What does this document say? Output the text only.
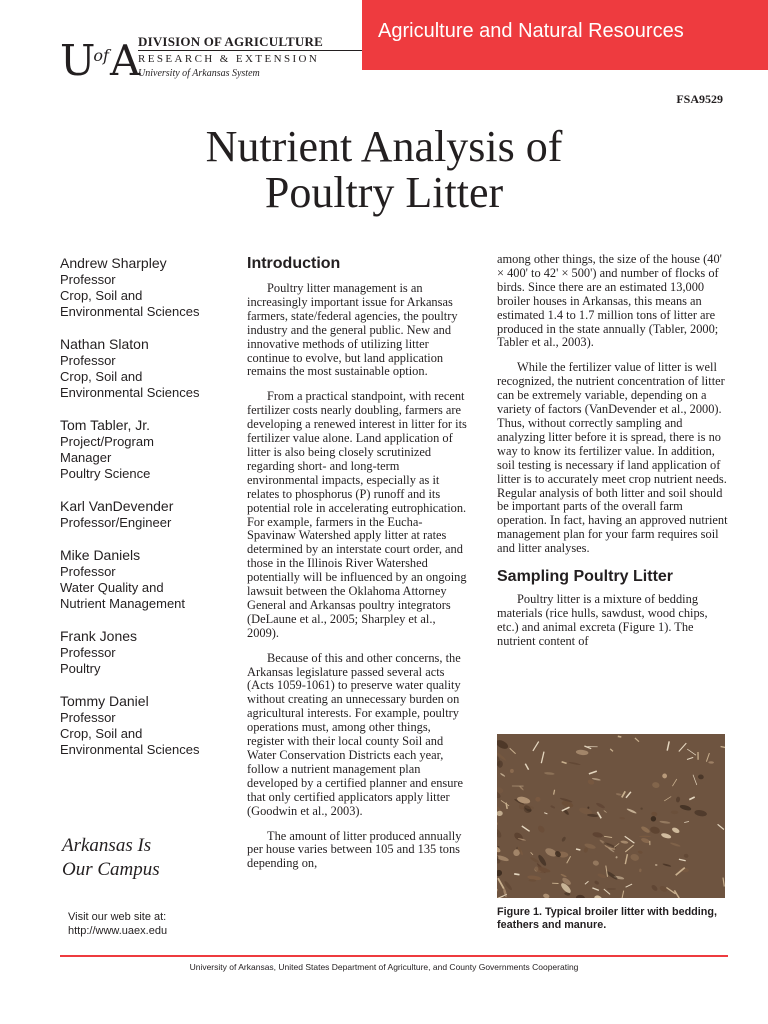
$U^{of}A$ DIVISION OF AGRICULTURE
RESEARCH & EXTENSION
University of Arkansas System
Agriculture and Natural Resources
FSA9529
Nutrient Analysis of
Poultry Litter
Andrew Sharpley
Professor
Crop, Soil and
Environmental Sciences
Nathan Slaton
Professor
Crop, Soil and
Environmental Sciences
Tom Tabler, Jr.
Project/Program
Manager
Poultry Science
Karl VanDevender
Professor/Engineer
Mike Daniels
Professor
Water Quality and
Nutrient Management
Frank Jones
Professor
Poultry
Tommy Daniel
Professor
Crop, Soil and
Environmental Sciences
Arkansas Is
Our Campus
Visit our web site at:
http://www.uaex.edu
Introduction

Poultry litter management is an increasingly important issue for Arkansas farmers, state/federal agencies, the poultry industry and the general public. New and innovative methods of utilizing litter continue to evolve, but land application remains the most sustainable option.

From a practical standpoint, with recent fertilizer costs nearly doubling, farmers are developing a renewed interest in litter for its fertilizer value alone. Land application of litter is also being closely scrutinized regarding short- and long-term environmental impacts, especially as it relates to phosphorus (P) runoff and its potential role in accelerating eutrophication. For example, farmers in the Eucha-Spavinaw Watershed apply litter at rates determined by an interstate court order, and those in the Illinois River Watershed potentially will be influenced by an ongoing lawsuit between the Oklahoma Attorney General and Arkansas poultry integrators (DeLaune et al., 2005; Sharpley et al., 2009).

Because of this and other concerns, the Arkansas legislature passed several acts (Acts 1059-1061) to preserve water quality without creating an unnecessary burden on agricultural interests. For example, poultry operations must, among other things, register with their local county Soil and Water Conservation Districts each year, follow a nutrient management plan developed by a certified planner and ensure that only certified applicators apply litter (Goodwin et al., 2003).

The amount of litter produced annually per house varies between 105 and 135 tons depending on,

among other things, the size of the house (40' × 400' to 42' × 500') and number of flocks of birds. Since there are an estimated 13,000 broiler houses in Arkansas, this means an estimated 1.4 to 1.7 million tons of litter are produced in the state annually (Tabler, 2000; Tabler et al., 2003).

While the fertilizer value of litter is well recognized, the nutrient concentration of litter can be extremely variable, depending on a variety of factors (VanDevender et al., 2000). Thus, without correctly sampling and analyzing litter before it is spread, there is no way to know its fertilizer value. In addition, soil testing is necessary if land application of litter is to accurately meet crop nutrient needs. Regular analysis of both litter and soil should be important parts of the overall farm operation. In fact, having an approved nutrient management plan for your farm requires soil and litter analyses.

Sampling Poultry Litter

Poultry litter is a mixture of bedding materials (rice hulls, sawdust, wood chips, etc.) and animal excreta (Figure 1). The nutrient content of

Figure 1. Typical broiler litter with bedding, feathers and manure.
University of Arkansas, United States Department of Agriculture, and County Governments Cooperating
